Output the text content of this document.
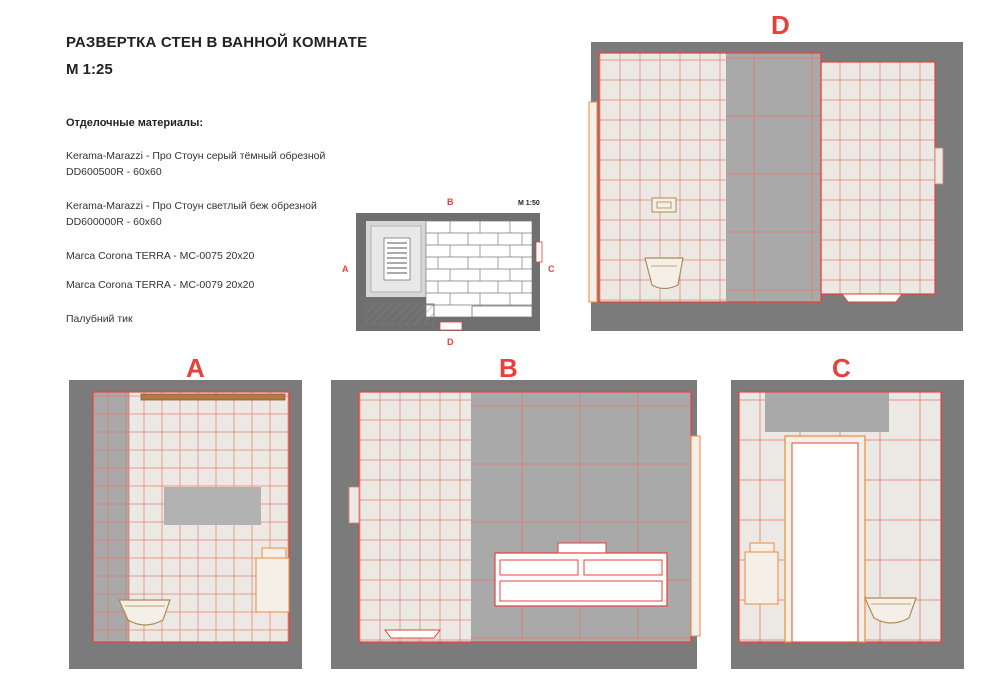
РАЗВЕРТКА СТЕН В ВАННОЙ КОМНАТЕ
М 1:25
Отделочные материалы:
Kerama-Marazzi - Про Стоун серый тёмный обрезной
DD600500R - 60x60
Kerama-Marazzi - Про Стоун светлый беж обрезной
DD600000R - 60x60
Marca Corona TERRA - MC-0075 20x20
Marca Corona TERRA - MC-0079 20x20
Палубний тик
D
A	B	C
B
A	C
D
М 1:50
